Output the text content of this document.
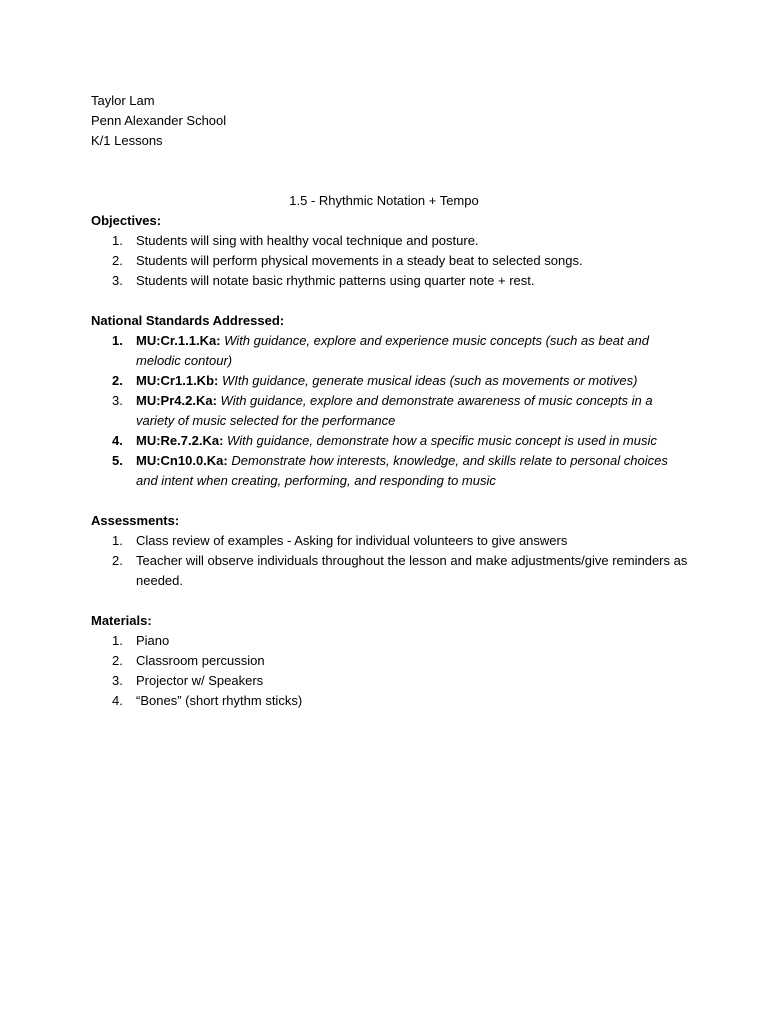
Taylor Lam
Penn Alexander School
K/1 Lessons
1.5 - Rhythmic Notation + Tempo
Objectives:
1. Students will sing with healthy vocal technique and posture.
2. Students will perform physical movements in a steady beat to selected songs.
3. Students will notate basic rhythmic patterns using quarter note + rest.
National Standards Addressed:
1. MU:Cr.1.1.Ka: With guidance, explore and experience music concepts (such as beat and melodic contour)
2. MU:Cr1.1.Kb: WIth guidance, generate musical ideas (such as movements or motives)
3. MU:Pr4.2.Ka: With guidance, explore and demonstrate awareness of music concepts in a variety of music selected for the performance
4. MU:Re.7.2.Ka: With guidance, demonstrate how a specific music concept is used in music
5. MU:Cn10.0.Ka: Demonstrate how interests, knowledge, and skills relate to personal choices and intent when creating, performing, and responding to music
Assessments:
1. Class review of examples - Asking for individual volunteers to give answers
2. Teacher will observe individuals throughout the lesson and make adjustments/give reminders as needed.
Materials:
1. Piano
2. Classroom percussion
3. Projector w/ Speakers
4. “Bones” (short rhythm sticks)
